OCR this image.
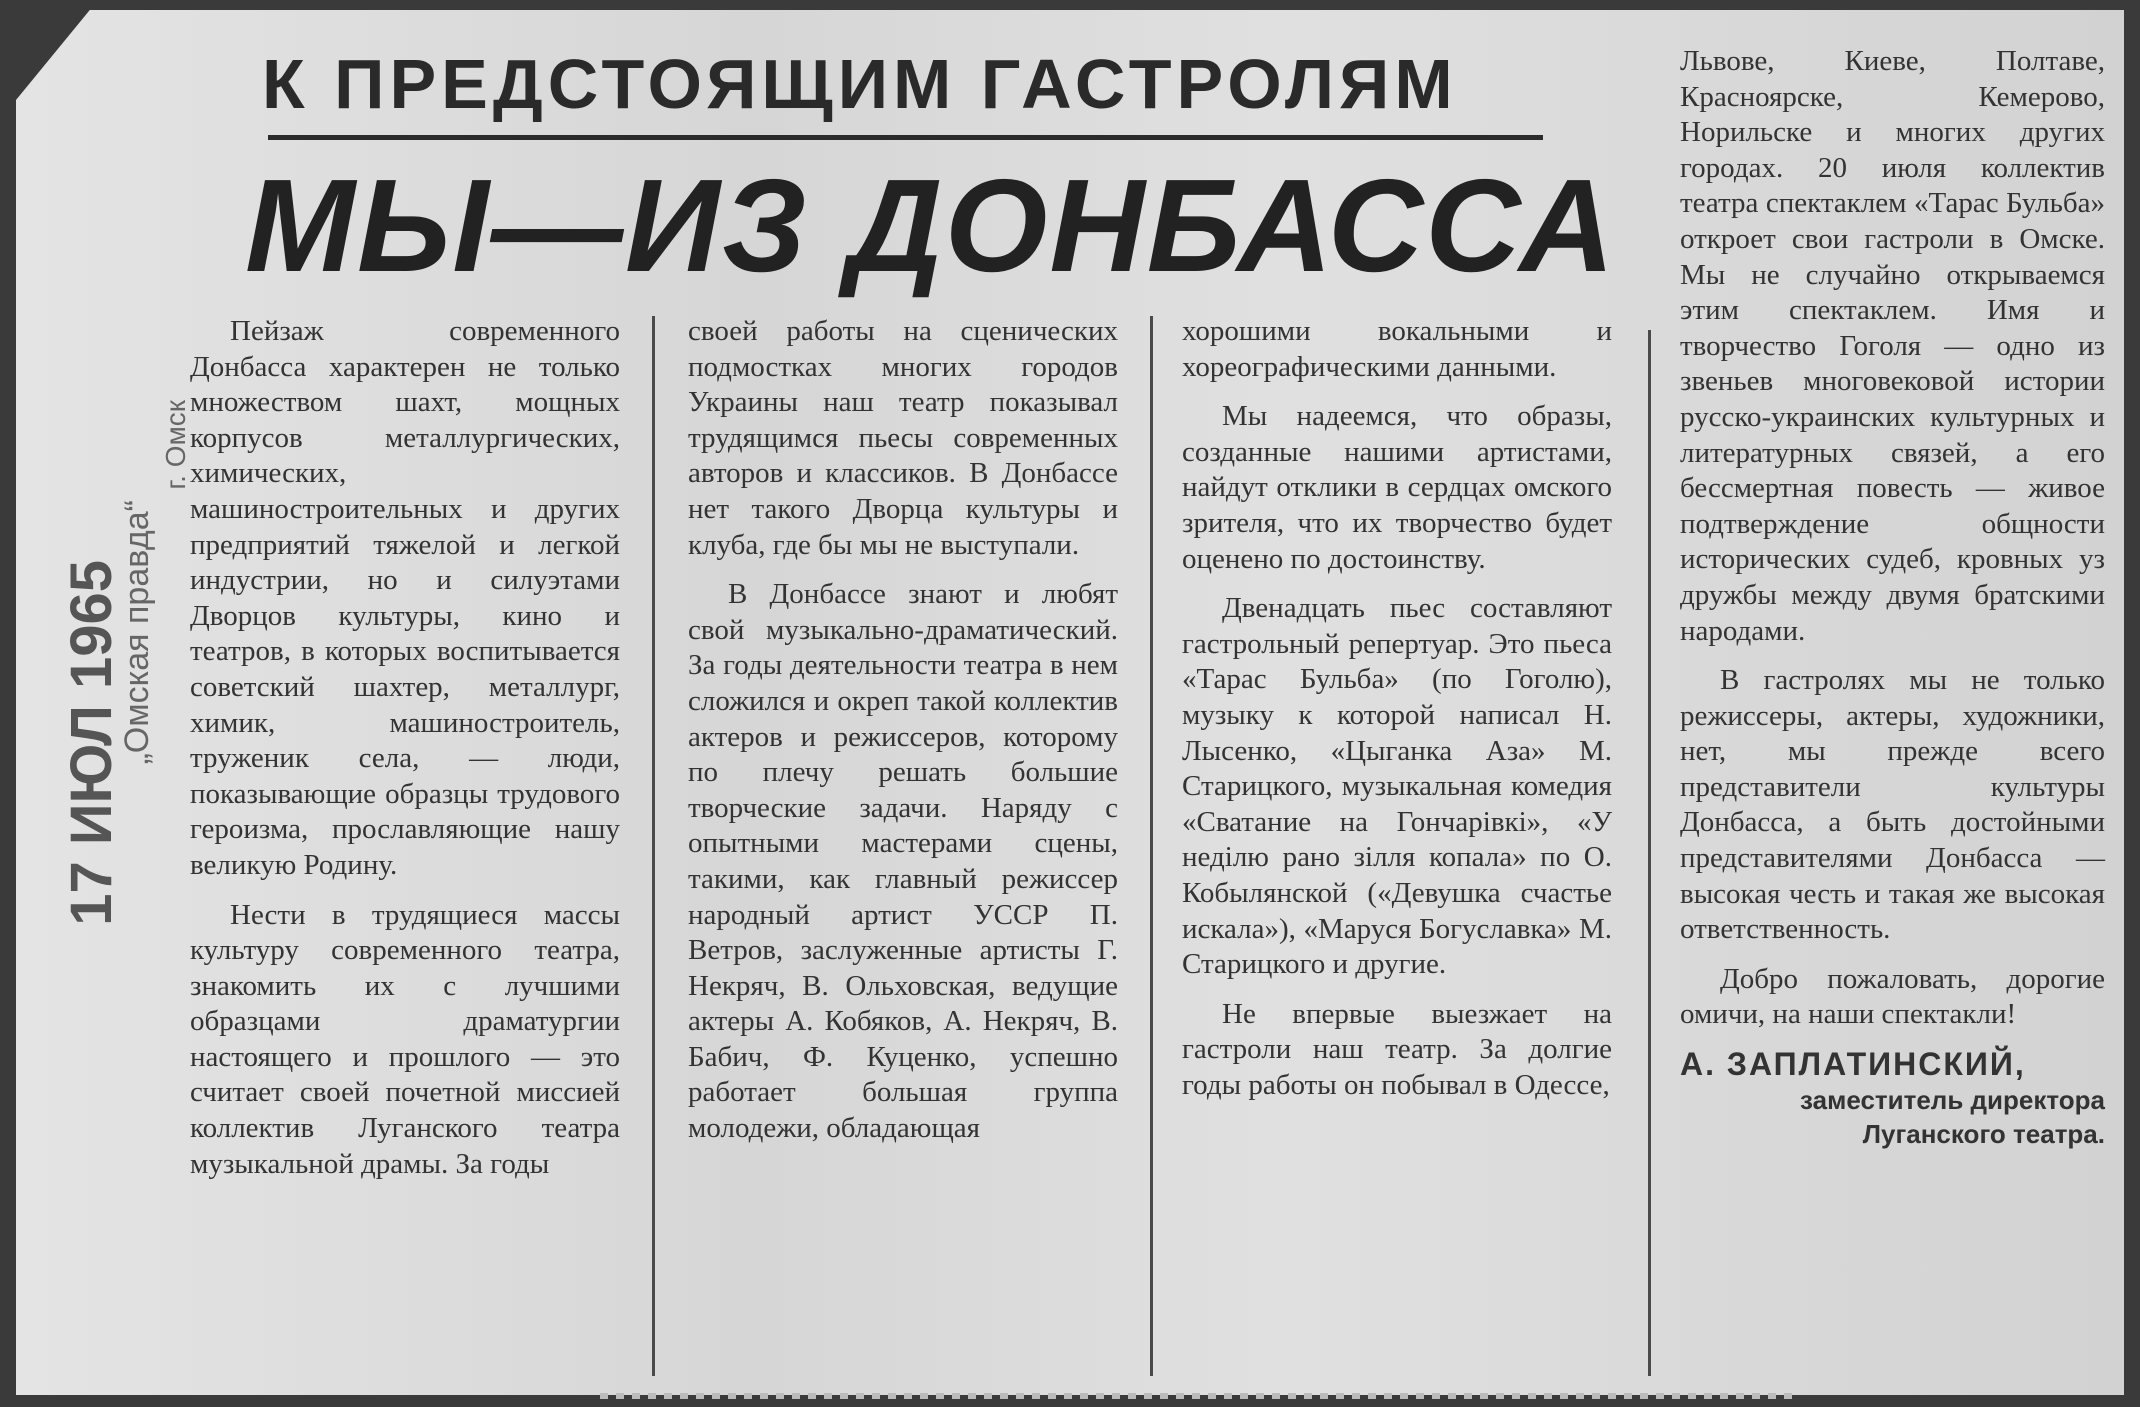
17 ИЮЛ 1965
„Омская правда“
г. Омск
К ПРЕДСТОЯЩИМ ГАСТРОЛЯМ
МЫ—ИЗ ДОНБАССА

Пейзаж современного Донбасса характерен не только множеством шахт, мощных корпусов металлургических, химических, машиностроительных и других предприятий тяжелой и легкой индустрии, но и силуэтами Дворцов культуры, кино и театров, в которых воспитывается советский шахтер, металлург, химик, машиностроитель, труженик села, — люди, показывающие образцы трудового героизма, прославляющие нашу великую Родину.

Нести в трудящиеся массы культуру современного театра, знакомить их с лучшими образцами драматургии настоящего и прошлого — это считает своей почетной миссией коллектив Луганского театра музыкальной драмы. За годы

своей работы на сценических подмостках многих городов Украины наш театр показывал трудящимся пьесы современных авторов и классиков. В Донбассе нет такого Дворца культуры и клуба, где бы мы не выступали.

В Донбассе знают и любят свой музыкально-драматический. За годы деятельности театра в нем сложился и окреп такой коллектив актеров и режиссеров, которому по плечу решать большие творческие задачи. Наряду с опытными мастерами сцены, такими, как главный режиссер народный артист УССР П. Ветров, заслуженные артисты Г. Некряч, В. Ольховская, ведущие актеры А. Кобяков, А. Некряч, В. Бабич, Ф. Куценко, успешно работает большая группа молодежи, обладающая

хорошими вокальными и хореографическими данными.

Мы надеемся, что образы, созданные нашими артистами, найдут отклики в сердцах омского зрителя, что их творчество будет оценено по достоинству.

Двенадцать пьес составляют гастрольный репертуар. Это пьеса «Тарас Бульба» (по Гоголю), музыку к которой написал Н. Лысенко, «Цыганка Аза» М. Старицкого, музыкальная комедия «Сватание на Гончарівкі», «У неділю рано зілля копала» по О. Кобылянской («Девушка счастье искала»), «Маруся Богуславка» М. Старицкого и другие.

Не впервые выезжает на гастроли наш театр. За долгие годы работы он побывал в Одессе,

Львове, Киеве, Полтаве, Красноярске, Кемерово, Норильске и многих других городах. 20 июля коллектив театра спектаклем «Тарас Бульба» откроет свои гастроли в Омске. Мы не случайно открываемся этим спектаклем. Имя и творчество Гоголя — одно из звеньев многовековой истории русско-украинских культурных и литературных связей, а его бессмертная повесть — живое подтверждение общности исторических судеб, кровных уз дружбы между двумя братскими народами.

В гастролях мы не только режиссеры, актеры, художники, нет, мы прежде всего представители культуры Донбасса, а быть достойными представителями Донбасса — высокая честь и такая же высокая ответственность.

Добро пожаловать, дорогие омичи, на наши спектакли!

А. ЗАПЛАТИНСКИЙ,
заместитель директора
Луганского театра.
